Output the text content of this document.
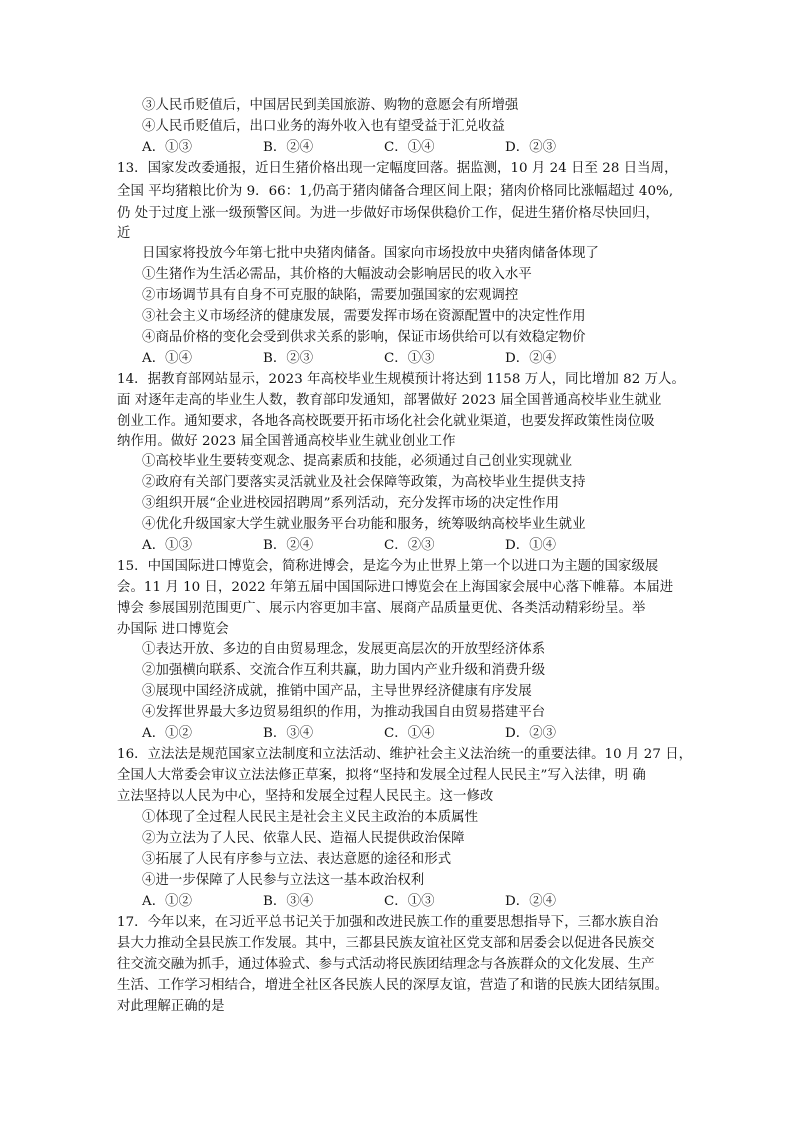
③人民币贬值后，中国居民到美国旅游、购物的意愿会有所增强
④人民币贬值后，出口业务的海外收入也有望受益于汇兑收益
A．①③	B．②④	C．①④	D．②③
13．国家发改委通报，近日生猪价格出现一定幅度回落。据监测，10 月 24 日至 28 日当周，
全国 平均猪粮比价为 9．66：1,仍高于猪肉储备合理区间上限；猪肉价格同比涨幅超过 40%,
仍 处于过度上涨一级预警区间。为进一步做好市场保供稳价工作，促进生猪价格尽快回归，
近
日国家将投放今年第七批中央猪肉储备。国家向市场投放中央猪肉储备体现了
①生猪作为生活必需品，其价格的大幅波动会影响居民的收入水平
②市场调节具有自身不可克服的缺陷，需要加强国家的宏观调控
③社会主义市场经济的健康发展，需要发挥市场在资源配置中的决定性作用
④商品价格的变化会受到供求关系的影响，保证市场供给可以有效稳定物价
A．①④	B．②③	C．①③	D．②④
14．据教育部网站显示，2023 年高校毕业生规模预计将达到 1158 万人，同比增加 82 万人。
面 对逐年走高的毕业生人数，教育部印发通知，部署做好 2023 届全国普通高校毕业生就业
创业工作。通知要求，各地各高校既要开拓市场化社会化就业渠道，也要发挥政策性岗位吸
纳作用。做好 2023 届全国普通高校毕业生就业创业工作
①高校毕业生要转变观念、提高素质和技能，必须通过自己创业实现就业
②政府有关部门要落实灵活就业及社会保障等政策，为高校毕业生提供支持
③组织开展“企业进校园招聘周”系列活动，充分发挥市场的决定性作用
④优化升级国家大学生就业服务平台功能和服务，统筹吸纳高校毕业生就业
A．①③	B．②④	C．②③	D．①④
15．中国国际进口博览会，简称进博会，是迄今为止世界上第一个以进口为主题的国家级展
会。11 月 10 日，2022 年第五届中国国际进口博览会在上海国家会展中心落下帷幕。本届进
博会 参展国别范围更广、展示内容更加丰富、展商产品质量更优、各类活动精彩纷呈。举
办国际 进口博览会
①表达开放、多边的自由贸易理念，发展更高层次的开放型经济体系
②加强横向联系、交流合作互利共赢，助力国内产业升级和消费升级
③展现中国经济成就，推销中国产品，主导世界经济健康有序发展
④发挥世界最大多边贸易组织的作用，为推动我国自由贸易搭建平台
A．①②	B．③④	C．①④	D．②③
16．立法法是规范国家立法制度和立法活动、维护社会主义法治统一的重要法律。10 月 27 日，
全国人大常委会审议立法法修正草案，拟将“坚持和发展全过程人民民主”写入法律，明 确
立法坚持以人民为中心，坚持和发展全过程人民民主。这一修改
①体现了全过程人民民主是社会主义民主政治的本质属性
②为立法为了人民、依靠人民、造福人民提供政治保障
③拓展了人民有序参与立法、表达意愿的途径和形式
④进一步保障了人民参与立法这一基本政治权利
A．①②	B．③④	C．①③	D．②④
17．今年以来，在习近平总书记关于加强和改进民族工作的重要思想指导下，三都水族自治
县大力推动全县民族工作发展。其中，三都县民族友谊社区党支部和居委会以促进各民族交
往交流交融为抓手，通过体验式、参与式活动将民族团结理念与各族群众的文化发展、生产
生活、工作学习相结合，增进全社区各民族人民的深厚友谊，营造了和谐的民族大团结氛围。
对此理解正确的是
